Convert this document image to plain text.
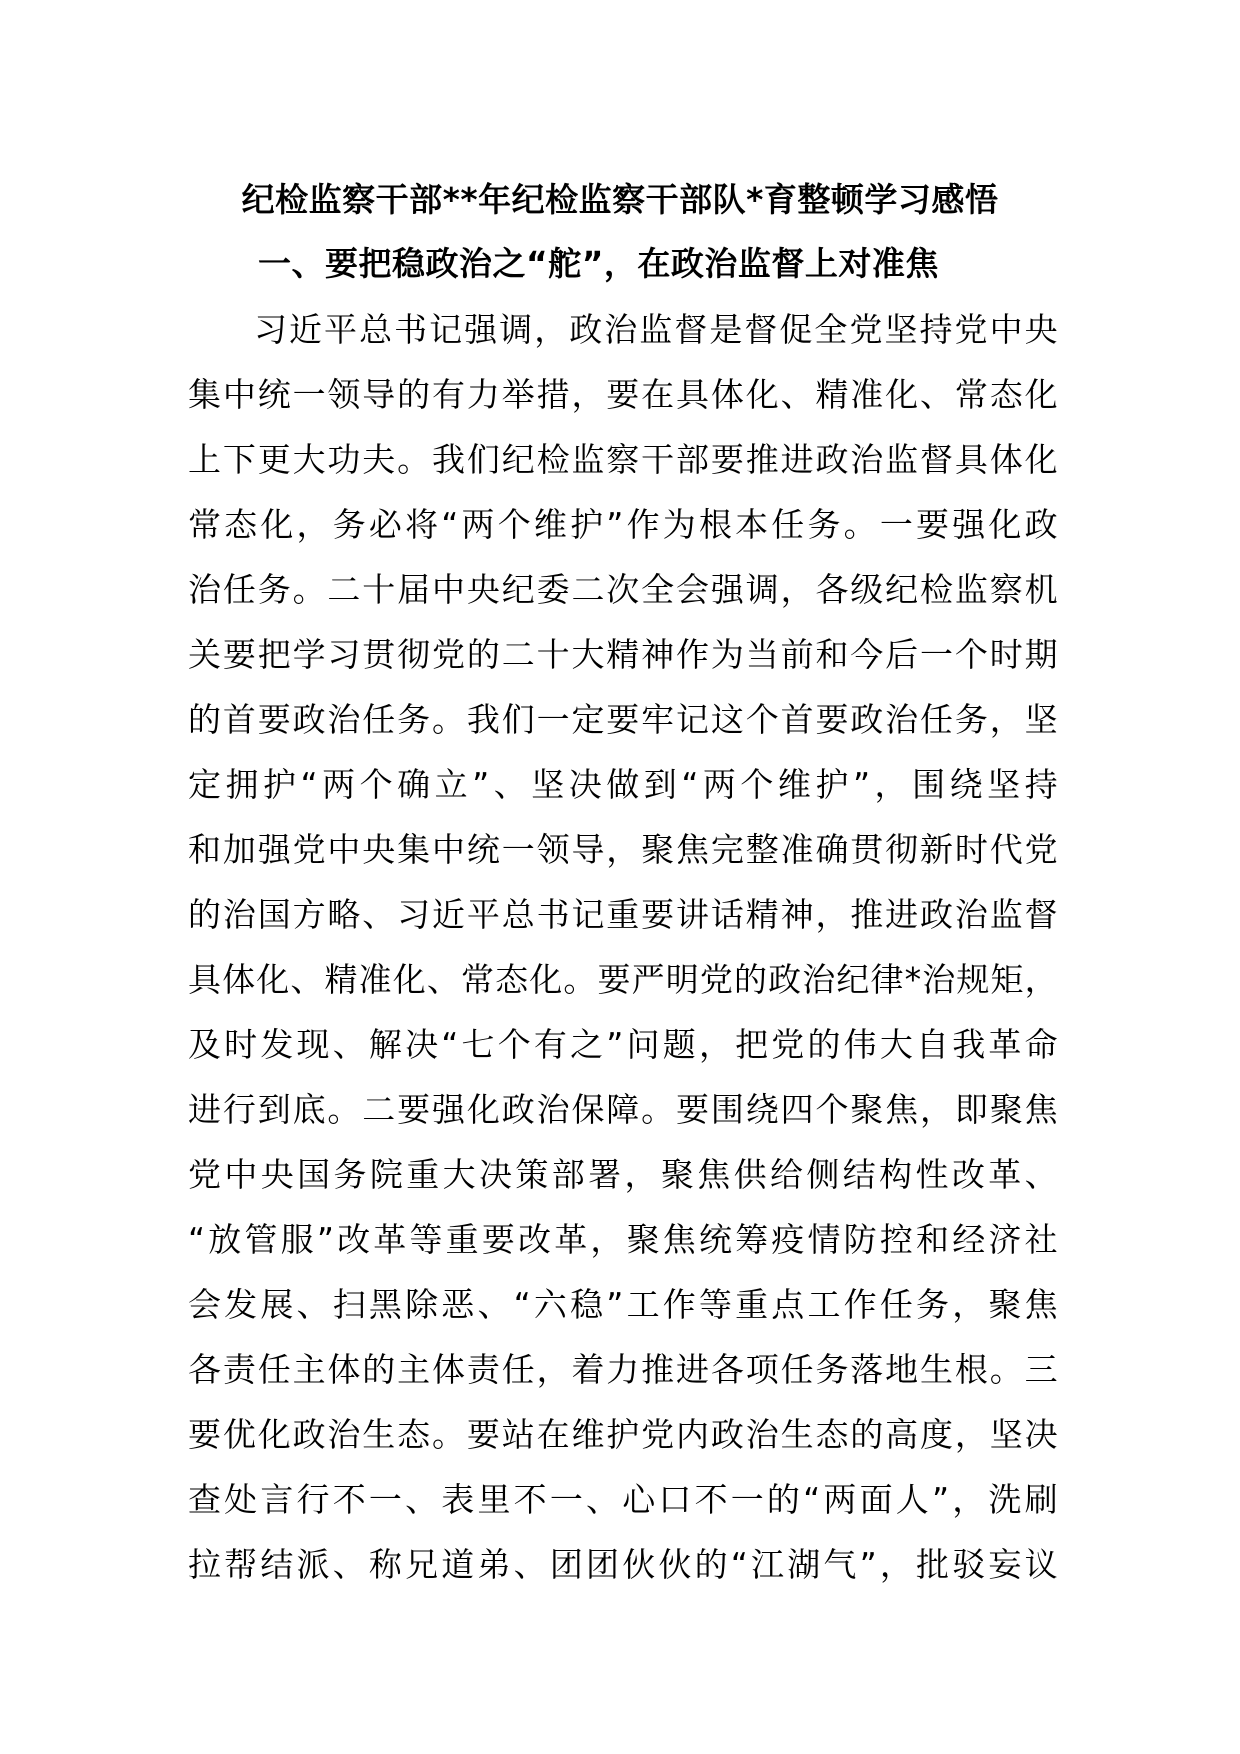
纪检监察干部**年纪检监察干部队*育整顿学习感悟
一、要把稳政治之“舵”，在政治监督上对准焦
习近平总书记强调，政治监督是督促全党坚持党中央
集中统一领导的有力举措，要在具体化、精准化、常态化
上下更大功夫。我们纪检监察干部要推进政治监督具体化
常态化，务必将“两个维护”作为根本任务。一要强化政
治任务。二十届中央纪委二次全会强调，各级纪检监察机
关要把学习贯彻党的二十大精神作为当前和今后一个时期
的首要政治任务。我们一定要牢记这个首要政治任务，坚
定拥护“两个确立”、坚决做到“两个维护”，围绕坚持
和加强党中央集中统一领导，聚焦完整准确贯彻新时代党
的治国方略、习近平总书记重要讲话精神，推进政治监督
具体化、精准化、常态化。要严明党的政治纪律*治规矩，
及时发现、解决“七个有之”问题，把党的伟大自我革命
进行到底。二要强化政治保障。要围绕四个聚焦，即聚焦
党中央国务院重大决策部署，聚焦供给侧结构性改革、
“放管服”改革等重要改革，聚焦统筹疫情防控和经济社
会发展、扫黑除恶、“六稳”工作等重点工作任务，聚焦
各责任主体的主体责任，着力推进各项任务落地生根。三
要优化政治生态。要站在维护党内政治生态的高度，坚决
查处言行不一、表里不一、心口不一的“两面人”，洗刷
拉帮结派、称兄道弟、团团伙伙的“江湖气”，批驳妄议
